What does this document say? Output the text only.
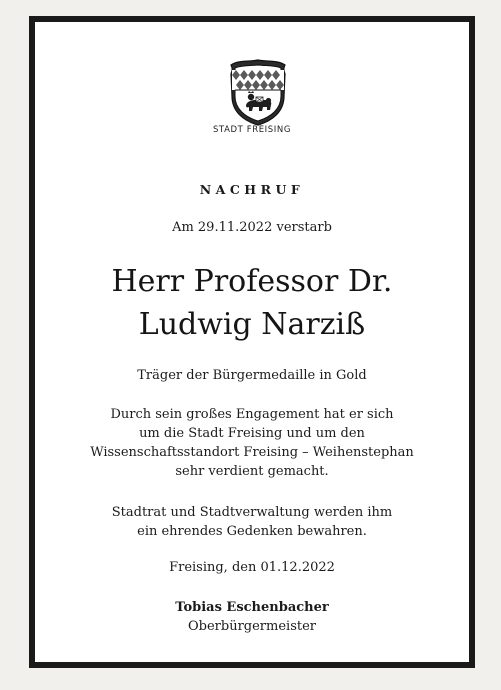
STADT FREISING
NACHRUF
Am 29.11.2022 verstarb
Herr Professor Dr.
Ludwig Narziß
Träger der Bürgermedaille in Gold
Durch sein großes Engagement hat er sich
um die Stadt Freising und um den
Wissenschaftsstandort Freising – Weihenstephan
sehr verdient gemacht.
Stadtrat und Stadtverwaltung werden ihm
ein ehrendes Gedenken bewahren.
Freising, den 01.12.2022
Tobias Eschenbacher
Oberbürgermeister
